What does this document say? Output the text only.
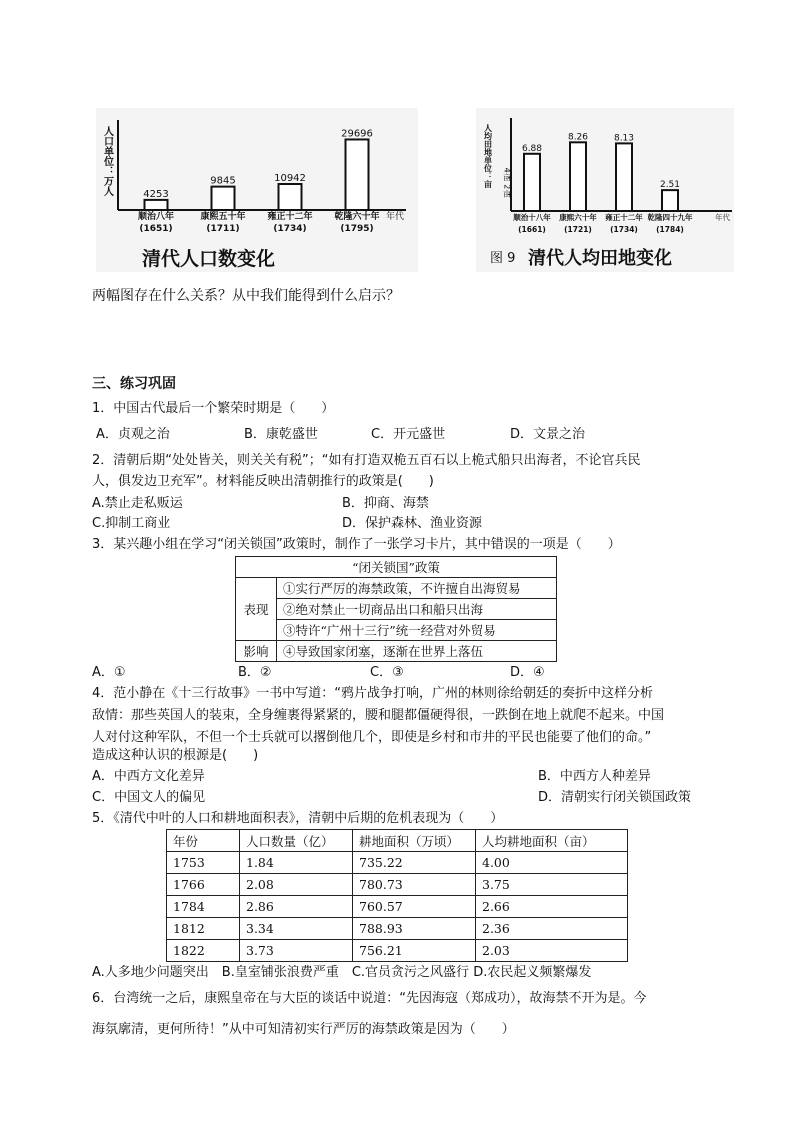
人口单位：万人
年代
4253
顺治八年
(1651)
9845
康熙五十年
(1711)
10942
雍正十二年
(1734)
29696
乾隆六十年
(1795)
清代人口数变化
人均田地单位：亩
年代
4亩
2亩
6.88
顺治十八年
(1661)
8.26
康熙六十年
(1721)
8.13
雍正十二年
(1734)
2.51
乾隆四十九年
(1784)
图 9 清代人均田地变化
两幅图存在什么关系？从中我们能得到什么启示？
三、练习巩固
1．中国古代最后一个繁荣时期是（　　）
A．贞观之治	B．康乾盛世	C．开元盛世	D．文景之治
2．清朝后期“处处皆关，则关关有税”；“如有打造双桅五百石以上桅式船只出海者，不论官兵民
人，俱发边卫充军”。材料能反映出清朝推行的政策是(　　)
A.禁止走私贩运	B．抑商、海禁
C.抑制工商业	D．保护森林、渔业资源
3．某兴趣小组在学习“闭关锁国”政策时，制作了一张学习卡片，其中错误的一项是（　　）
“闭关锁国”政策	
表现	①实行严厉的海禁政策，不许擅自出海贸易
	②绝对禁止一切商品出口和船只出海
	③特许“广州十三行”统一经营对外贸易
影响	④导致国家闭塞，逐渐在世界上落伍
A．①	B．②	C．③	D．④
4．范小静在《十三行故事》一书中写道：“鸦片战争打响，广州的林则徐给朝廷的奏折中这样分析
敌情：那些英国人的装束，全身缠裹得紧紧的，腰和腿都僵硬得很，一跌倒在地上就爬不起来。中国
人对付这种军队，不但一个士兵就可以撂倒他几个，即使是乡村和市井的平民也能要了他们的命。”
造成这种认识的根源是(　　)
A．中西方文化差异	B．中西方人种差异
C．中国文人的偏见	D．清朝实行闭关锁国政策
5．《清代中叶的人口和耕地面积表》，清朝中后期的危机表现为（　　）
年份	人口数量（亿）	耕地面积（万顷）	人均耕地面积（亩）
1753	1.84	735.22	4.00
1766	2.08	780.73	3.75
1784	2.86	760.57	2.66
1812	3.34	788.93	2.36
1822	3.73	756.21	2.03
A.人多地少问题突出　B.皇室铺张浪费严重　C.官员贪污之风盛行 D.农民起义频繁爆发
6．台湾统一之后，康熙皇帝在与大臣的谈话中说道：“先因海寇（郑成功），故海禁不开为是。今
海氛廓清，更何所待！”从中可知清初实行严厉的海禁政策是因为（　　）
